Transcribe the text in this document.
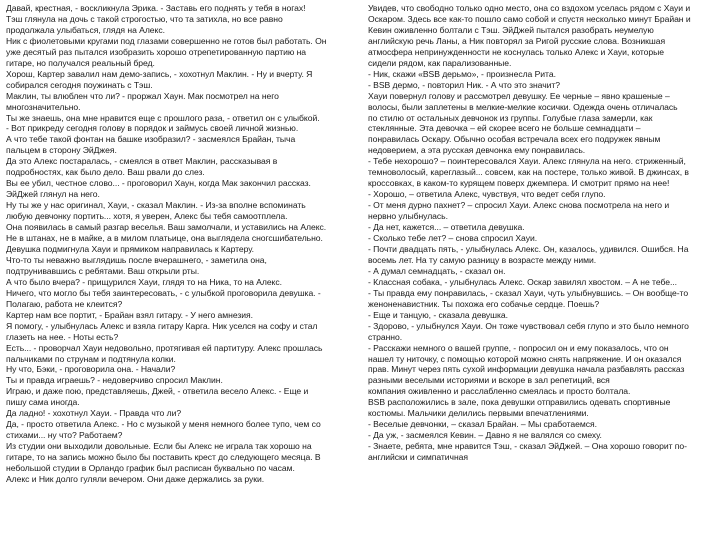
Давай, крестная, - воскликнула Эрика. - Заставь его поднять у тебя в ногах!
Тэш глянула на дочь с такой строгостью, что та затихла, но все равно
продолжала улыбаться, глядя на Алекс.
Ник с фиолетовыми кругами под глазами совершенно не готов был работать. Он
уже десятый раз пытался изобразить хорошо отрепетированную партию на
гитаре, но получался реальный бред.
Хорош, Картер завалил нам демо-запись, - хохотнул Маклин. - Ну и вчерту. Я
собирался сегодня поужинать с Тэш.
Маклин, ты влюблен что ли? - проржал Хаун. Мак посмотрел на него
многозначительно.
Ты же знаешь, она мне нравится еще с прошлого раза, - ответил он с улыбкой.
- Вот прикреду сегодня голову в порядок и займусь своей личной жизнью.
А что тебе такой фонтан на башке изобразил? - засмеялся Брайан, тыча
пальцем в сторону ЭйДжея.
Да это Алекс постаралась, - смеялся в ответ Маклин, рассказывая в
подробностях, как было дело. Ваш рвали до слез.
Вы ее убил, честное слово... - проговорил Хаун, когда Мак закончил рассказ.
ЭйДжей глянул на него.
Ну ты же у нас оригинал, Хауи, - сказал Маклин. - Из-за вполне вспоминать
любую девчонку портить... хотя, я уверен, Алекс бы тебя самоотплела.
Она появилась в самый разгар веселья. Ваш замолчали, и уставились на Алекс.
Не в штанах, не в майке, а в милом платьице, она выглядела сногсшибательно.
Девушка подмигнула Хауи и прямиком направилась к Картеру.
Что-то ты неважно выглядишь после вчерашнего, - заметила она,
подтрунивавшись с ребятами. Ваш открыли рты.
А что было вчера? - прищурился Хауи, глядя то на Ника, то на Алекс.
Ничего, что могло бы тебя заинтересовать, - с улыбкой проговорила девушка. -
Полагаю, работа не клеится?
Картер нам все портит, - Брайан взял гитару. - У него амнезия.
Я помогу, - улыбнулась Алекс и взяла гитару Карга. Ник уселся на софу и стал
глазеть на нее. - Ноты есть?
Есть... - проворчал Хауи недовольно, протягивая ей партитуру. Алекс прошлась
пальчиками по струнам и подтянула колки.
Ну что, Бэки, - проговорила она. - Начали?
Ты и правда играешь? - недоверчиво спросил Маклин.
Играю, и даже пою, представляешь, Джей, - ответила весело Алекс. - Еще и
пишу сама иногда.
Да ладно! - хохотнул Хауи. - Правда что ли?
Да, - просто ответила Алекс. - Но с музыкой у меня немного более тупо, чем со
стихами... ну что? Работаем?
Из студии они выходили довольные. Если бы Алекс не играла так хорошо на
гитаре, то на запись можно было бы поставить крест до следующего месяца. В
небольшой студии в Орландо график был расписан буквально по часам.
Алекс и Ник долго гуляли вечером. Они даже держались за руки.
Увидев, что свободно только одно место, она со вздохом уселась рядом с Хауи и
Оскаром. Здесь все как-то пошло само собой и спустя несколько минут Брайан и
Кевин оживленно болтали с Тэш. ЭйДжей пытался разобрать неумелую
английскую речь Ланы, а Ник повторял за Ригой русские слова. Возникшая
атмосфера непринужденности не коснулась только Алекс и Хауи, которые
сидели рядом, как парализованные.
- Ник, скажи «BSB дерьмо», - произнесла Рита.
- BSB дермо, - повторил Ник. - А что это значит?
Хауи повернул голову и рассмотрел девушку. Ее черные – явно крашеные –
волосы, были заплетены в мелкие-мелкие косички. Одежда очень отличалась
по стилю от остальных девчонок из группы. Голубые глаза замерли, как
стеклянные. Эта девочка – ей скорее всего не больше семнадцати –
понравилась Оскару. Обычно особая встречала всех его подружек явным
недоверием, а эта русская девчонка ему понравилась.
- Тебе нехорошо? – поинтересовался Хауи. Алекс глянула на него. стриженный,
темноволосый, кареглазый... совсем, как на постере, только живой. В джинсах, в
кроссовках, в каком-то курящем поверх джемпера. И смотрит прямо на нее!
- Хорошо, – ответила Алекс, чувствуя, что ведет себя глупо.
- От меня дурно пахнет? – спросил Хауи. Алекс снова посмотрела на него и
нервно улыбнулась.
- Да нет, кажется... – ответила девушка.
- Сколько тебе лет? – снова спросил Хауи.
- Почти двадцать пять, - улыбнулась Алекс. Он, казалось, удивился. Ошибся. На
восемь лет. На ту самую разницу в возрасте между ними.
- А думал семнадцать, - сказал он.
- Классная собака, - улыбнулась Алекс. Оскар завилял хвостом. – А не тебе...
- Ты правда ему понравилась, - сказал Хауи, чуть улыбнувшись. – Он вообще-то
женоненавистник. Ты похожа его собачье сердце. Поешь?
- Еще и танцую, - сказала девушка.
- Здорово, - улыбнулся Хауи. Он тоже чувствовал себя глупо и это было немного
странно.
- Расскажи немного о вашей группе, - попросил он и ему показалось, что он
нашел ту ниточку, с помощью которой можно снять напряжение. И он оказался
прав. Минут через пять сухой информации девушка начала разбавлять рассказ
разными веселыми историями и вскоре в зал репетиций, вся
компания оживленно и расслабленно смеялась и просто болтала.
BSB расположились в зале, пока девушки отправились одевать спортивные
костюмы. Мальчики делились первыми впечатлениями.
- Веселые девчонки, – сказал Брайан. – Мы сработаемся.
- Да уж, - засмеялся Кевин. – Давно я не валялся со смеху.
- Знаете, ребята, мне нравится Тэш, - сказал ЭйДжей. – Она хорошо говорит по-
английски и симпатичная
